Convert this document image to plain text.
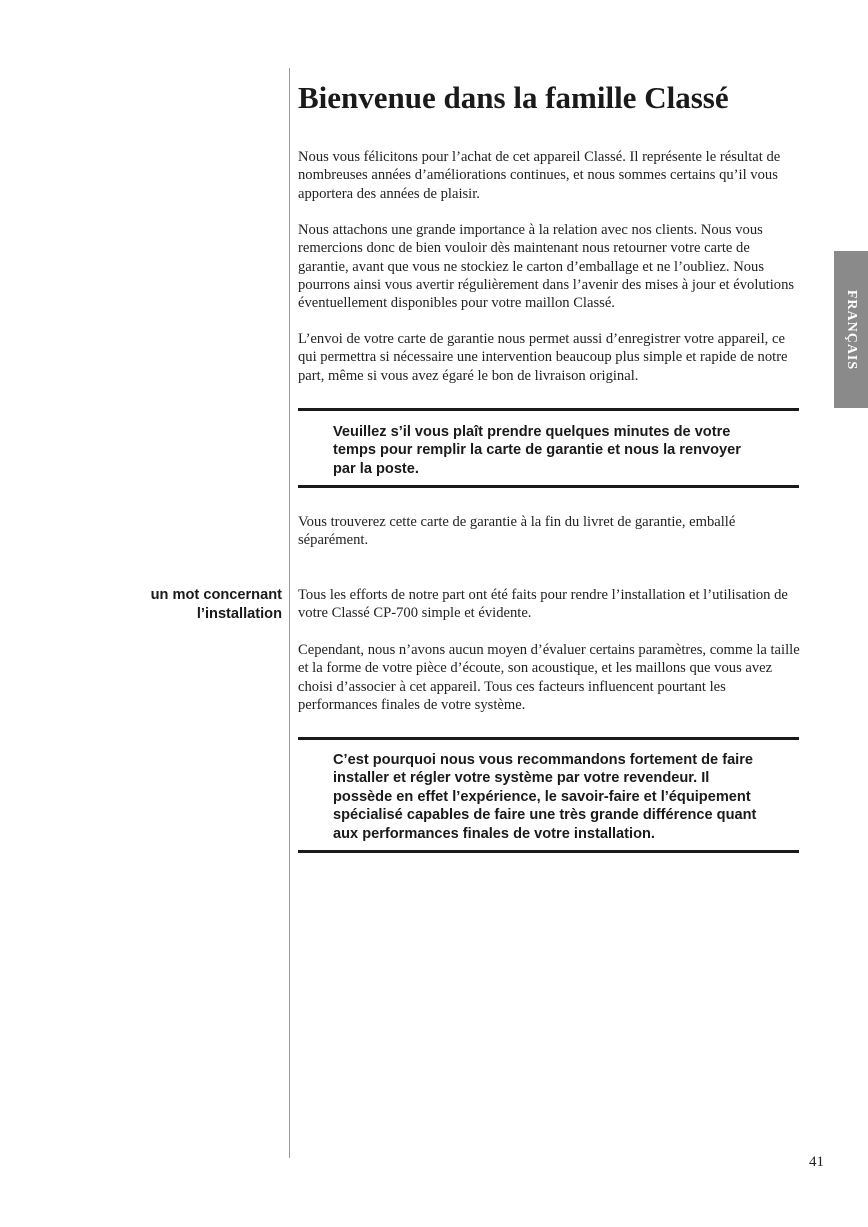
Bienvenue dans la famille Classé

Nous vous félicitons pour l’achat de cet appareil Classé. Il représente le résultat de nombreuses années d’améliorations continues, et nous sommes certains qu’il vous apportera des années de plaisir.

Nous attachons une grande importance à la relation avec nos clients. Nous vous remercions donc de bien vouloir dès maintenant nous retourner votre carte de garantie, avant que vous ne stockiez le carton d’emballage et ne l’oubliez. Nous pourrons ainsi vous avertir régulièrement dans l’avenir des mises à jour et évolutions éventuellement disponibles pour votre maillon Classé.

L’envoi de votre carte de garantie nous permet aussi d’enregistrer votre appareil, ce qui permettra si nécessaire une intervention beaucoup plus simple et rapide de notre part, même si vous avez égaré le bon de livraison original.

Veuillez s’il vous plaît prendre quelques minutes de votre temps pour remplir la carte de garantie et nous la renvoyer par la poste.

Vous trouverez cette carte de garantie à la fin du livret de garantie, emballé séparément.

un mot concernant
l’installation

Tous les efforts de notre part ont été faits pour rendre l’installation et l’utilisation de votre Classé CP-700 simple et évidente.

Cependant, nous n’avons aucun moyen d’évaluer certains paramètres, comme la taille et la forme de votre pièce d’écoute, son acoustique, et les maillons que vous avez choisi d’associer à cet appareil. Tous ces facteurs influencent pourtant les performances finales de votre système.

C’est pourquoi nous vous recommandons fortement de faire installer et régler votre système par votre revendeur. Il possède en effet l’expérience, le savoir-faire et l’équipement spécialisé capables de faire une très grande différence quant aux performances finales de votre installation.

FRANÇAIS
41
